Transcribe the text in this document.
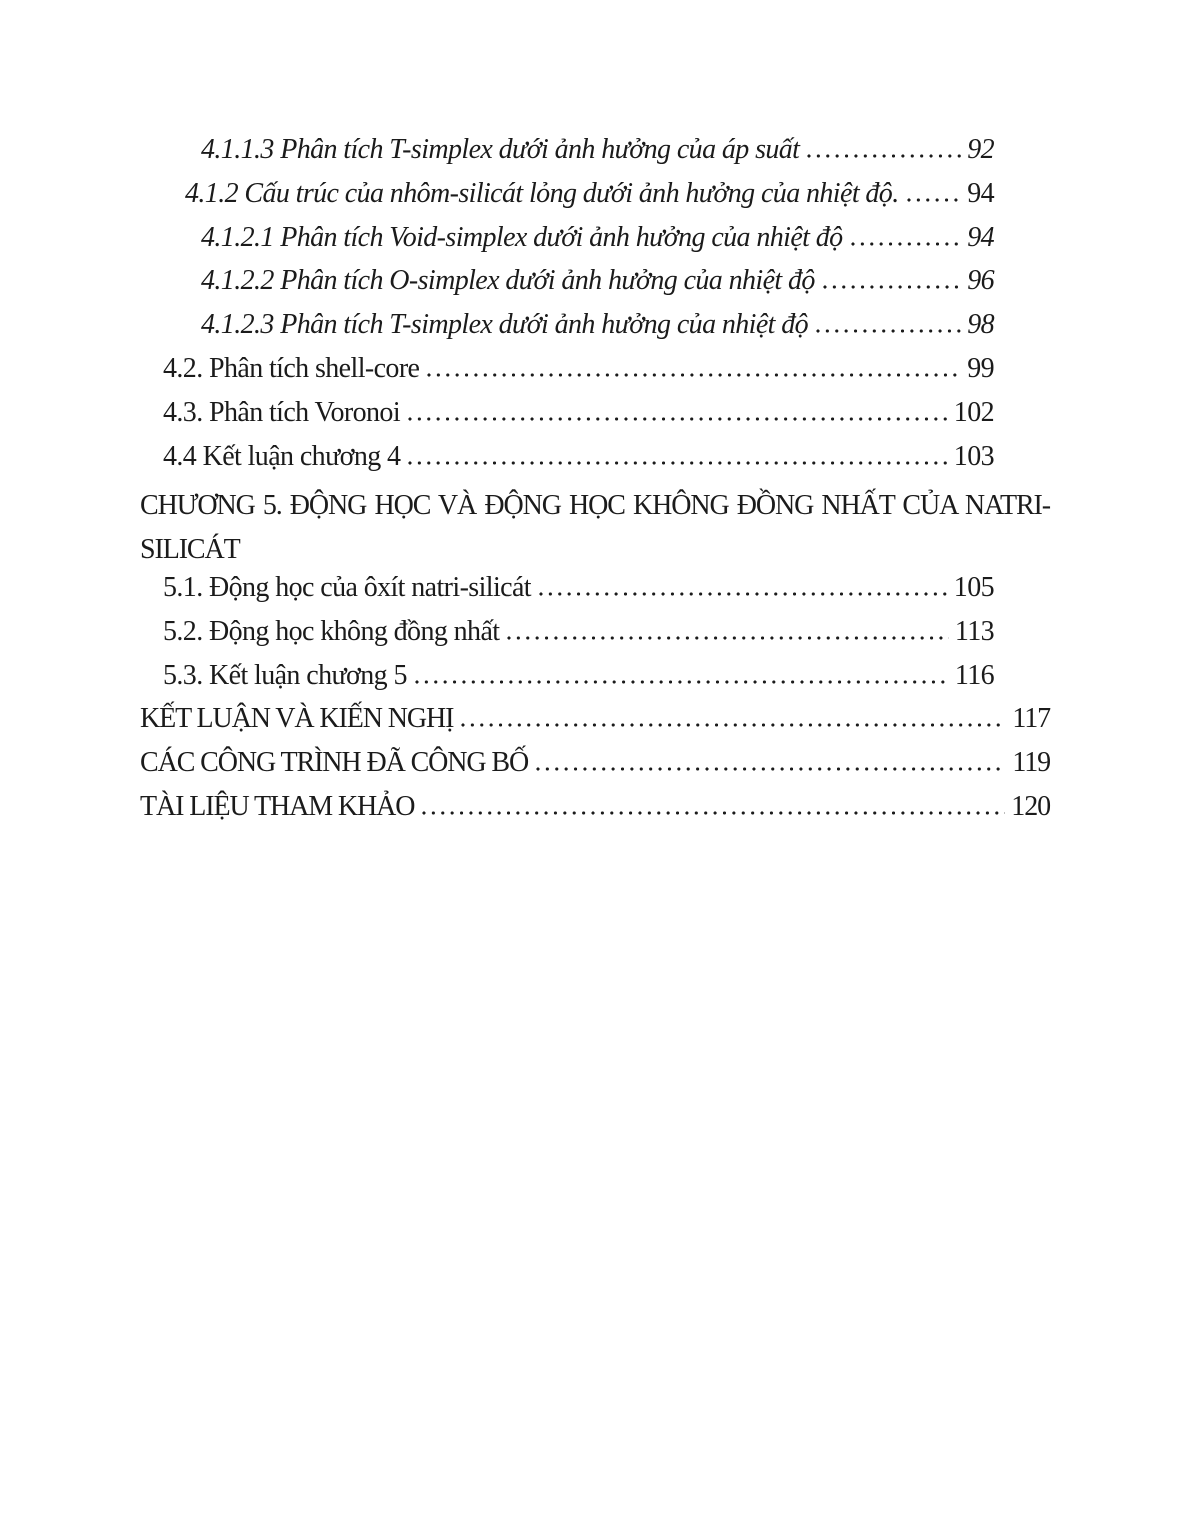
4.1.1.3 Phân tích T-simplex dưới ảnh hưởng của áp suất	92
4.1.2 Cấu trúc của nhôm-silicát lỏng dưới ảnh hưởng của nhiệt độ. 94
4.1.2.1 Phân tích Void-simplex dưới ảnh hưởng của nhiệt độ	94
4.1.2.2 Phân tích O-simplex dưới ảnh hưởng của nhiệt độ	96
4.1.2.3 Phân tích T-simplex dưới ảnh hưởng của nhiệt độ	98
4.2. Phân tích shell-core	99
4.3. Phân tích Voronoi	102
4.4 Kết luận chương 4	103
CHƯƠNG 5. ĐỘNG HỌC VÀ ĐỘNG HỌC KHÔNG ĐỒNG NHẤT CỦA NATRI-
SILICÁT
5.1. Động học của ôxít natri-silicát	105
5.2. Động học không đồng nhất	113
5.3. Kết luận chương 5	116
KẾT LUẬN VÀ KIẾN NGHỊ	117
CÁC CÔNG TRÌNH ĐÃ CÔNG BỐ	119
TÀI LIỆU THAM KHẢO	120
